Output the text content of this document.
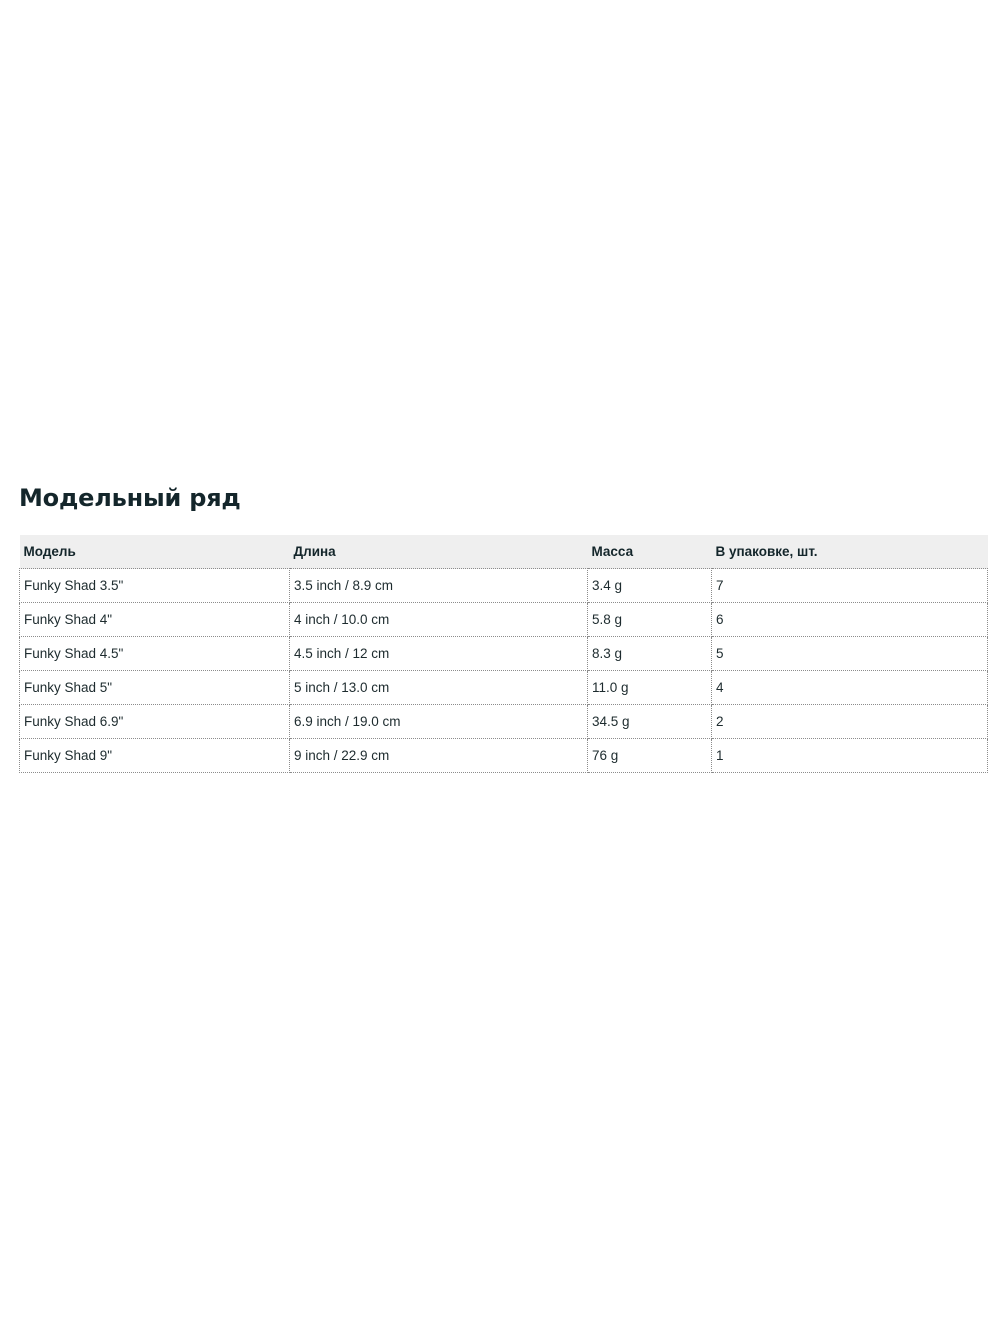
Модельный ряд
Модель	Длина	Масса	В упаковке, шт.
Funky Shad 3.5"	3.5 inch / 8.9 cm	3.4 g	7
Funky Shad 4"	4 inch / 10.0 cm	5.8 g	6
Funky Shad 4.5"	4.5 inch / 12 cm	8.3 g	5
Funky Shad 5"	5 inch / 13.0 cm	11.0 g	4
Funky Shad 6.9"	6.9 inch / 19.0 cm	34.5 g	2
Funky Shad 9"	9 inch / 22.9 cm	76 g	1
